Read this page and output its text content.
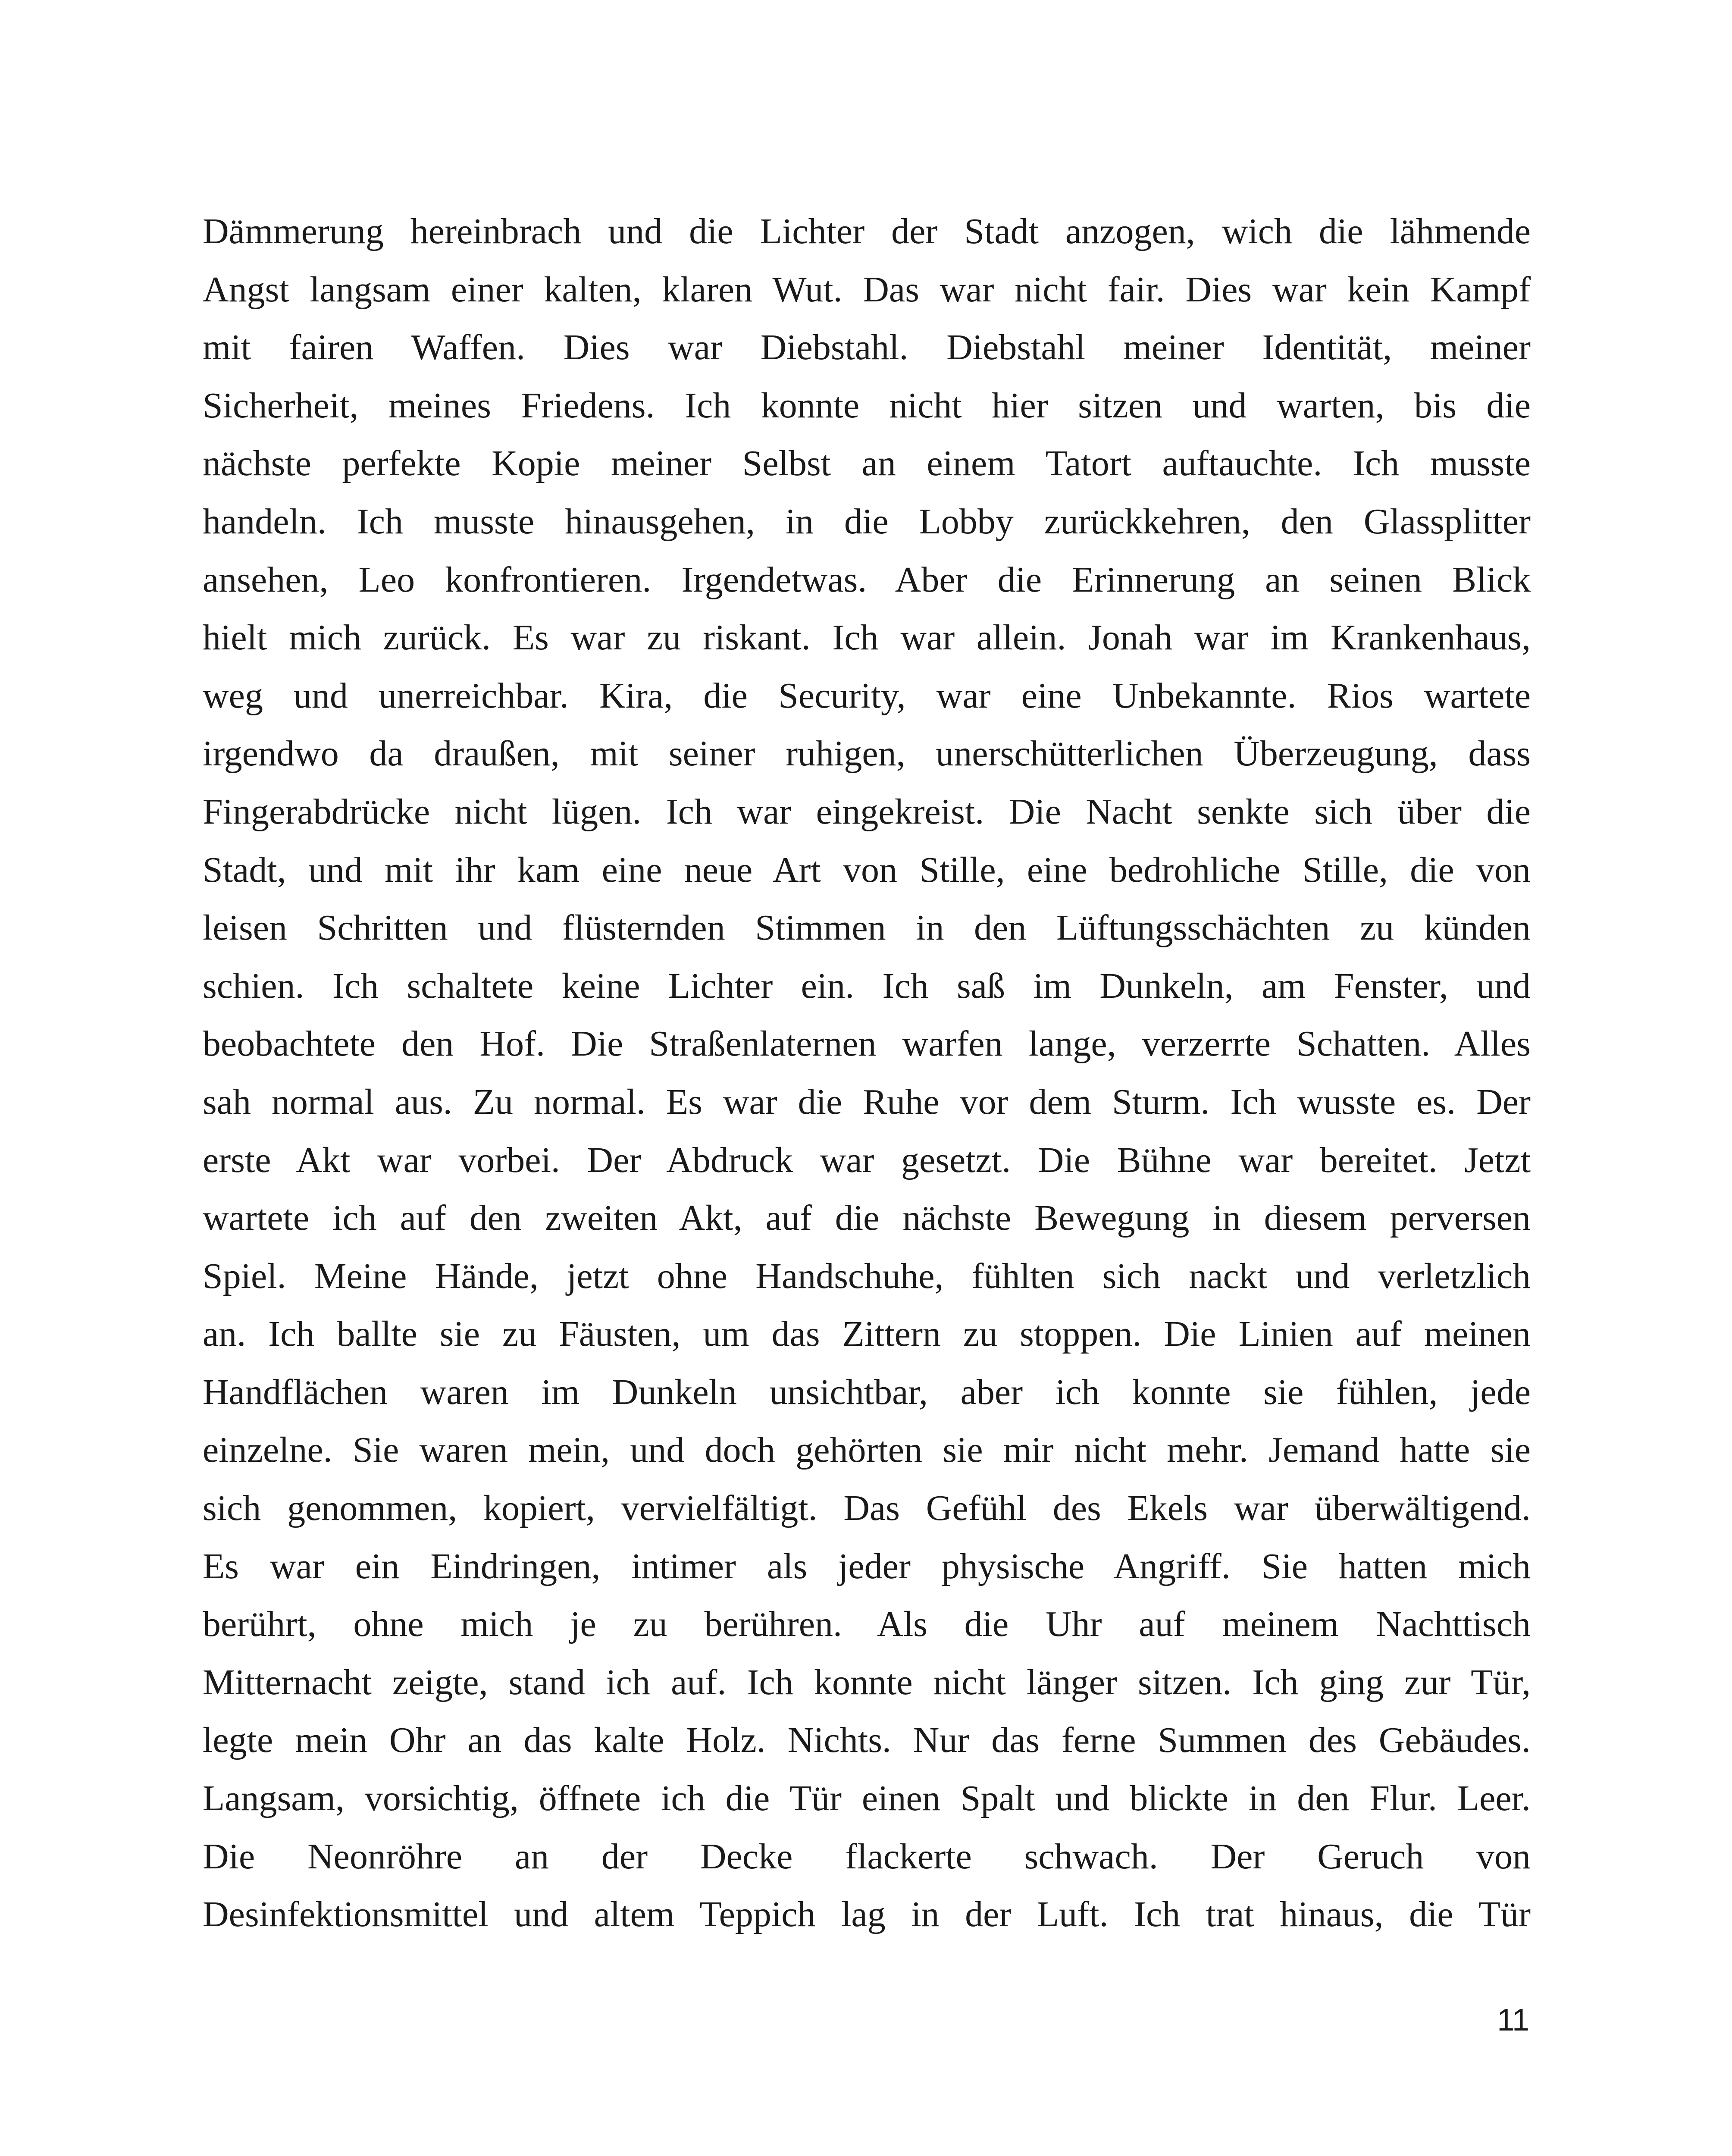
Dämmerung hereinbrach und die Lichter der Stadt anzogen, wich die lähmende
Angst langsam einer kalten, klaren Wut. Das war nicht fair. Dies war kein Kampf
mit fairen Waffen. Dies war Diebstahl. Diebstahl meiner Identität, meiner
Sicherheit, meines Friedens. Ich konnte nicht hier sitzen und warten, bis die
nächste perfekte Kopie meiner Selbst an einem Tatort auftauchte. Ich musste
handeln. Ich musste hinausgehen, in die Lobby zurückkehren, den Glassplitter
ansehen, Leo konfrontieren. Irgendetwas. Aber die Erinnerung an seinen Blick
hielt mich zurück. Es war zu riskant. Ich war allein. Jonah war im Krankenhaus,
weg und unerreichbar. Kira, die Security, war eine Unbekannte. Rios wartete
irgendwo da draußen, mit seiner ruhigen, unerschütterlichen Überzeugung, dass
Fingerabdrücke nicht lügen. Ich war eingekreist. Die Nacht senkte sich über die
Stadt, und mit ihr kam eine neue Art von Stille, eine bedrohliche Stille, die von
leisen Schritten und flüsternden Stimmen in den Lüftungsschächten zu künden
schien. Ich schaltete keine Lichter ein. Ich saß im Dunkeln, am Fenster, und
beobachtete den Hof. Die Straßenlaternen warfen lange, verzerrte Schatten. Alles
sah normal aus. Zu normal. Es war die Ruhe vor dem Sturm. Ich wusste es. Der
erste Akt war vorbei. Der Abdruck war gesetzt. Die Bühne war bereitet. Jetzt
wartete ich auf den zweiten Akt, auf die nächste Bewegung in diesem perversen
Spiel. Meine Hände, jetzt ohne Handschuhe, fühlten sich nackt und verletzlich
an. Ich ballte sie zu Fäusten, um das Zittern zu stoppen. Die Linien auf meinen
Handflächen waren im Dunkeln unsichtbar, aber ich konnte sie fühlen, jede
einzelne. Sie waren mein, und doch gehörten sie mir nicht mehr. Jemand hatte sie
sich genommen, kopiert, vervielfältigt. Das Gefühl des Ekels war überwältigend.
Es war ein Eindringen, intimer als jeder physische Angriff. Sie hatten mich
berührt, ohne mich je zu berühren. Als die Uhr auf meinem Nachttisch
Mitternacht zeigte, stand ich auf. Ich konnte nicht länger sitzen. Ich ging zur Tür,
legte mein Ohr an das kalte Holz. Nichts. Nur das ferne Summen des Gebäudes.
Langsam, vorsichtig, öffnete ich die Tür einen Spalt und blickte in den Flur. Leer.
Die Neonröhre an der Decke flackerte schwach. Der Geruch von
Desinfektionsmittel und altem Teppich lag in der Luft. Ich trat hinaus, die Tür
11
